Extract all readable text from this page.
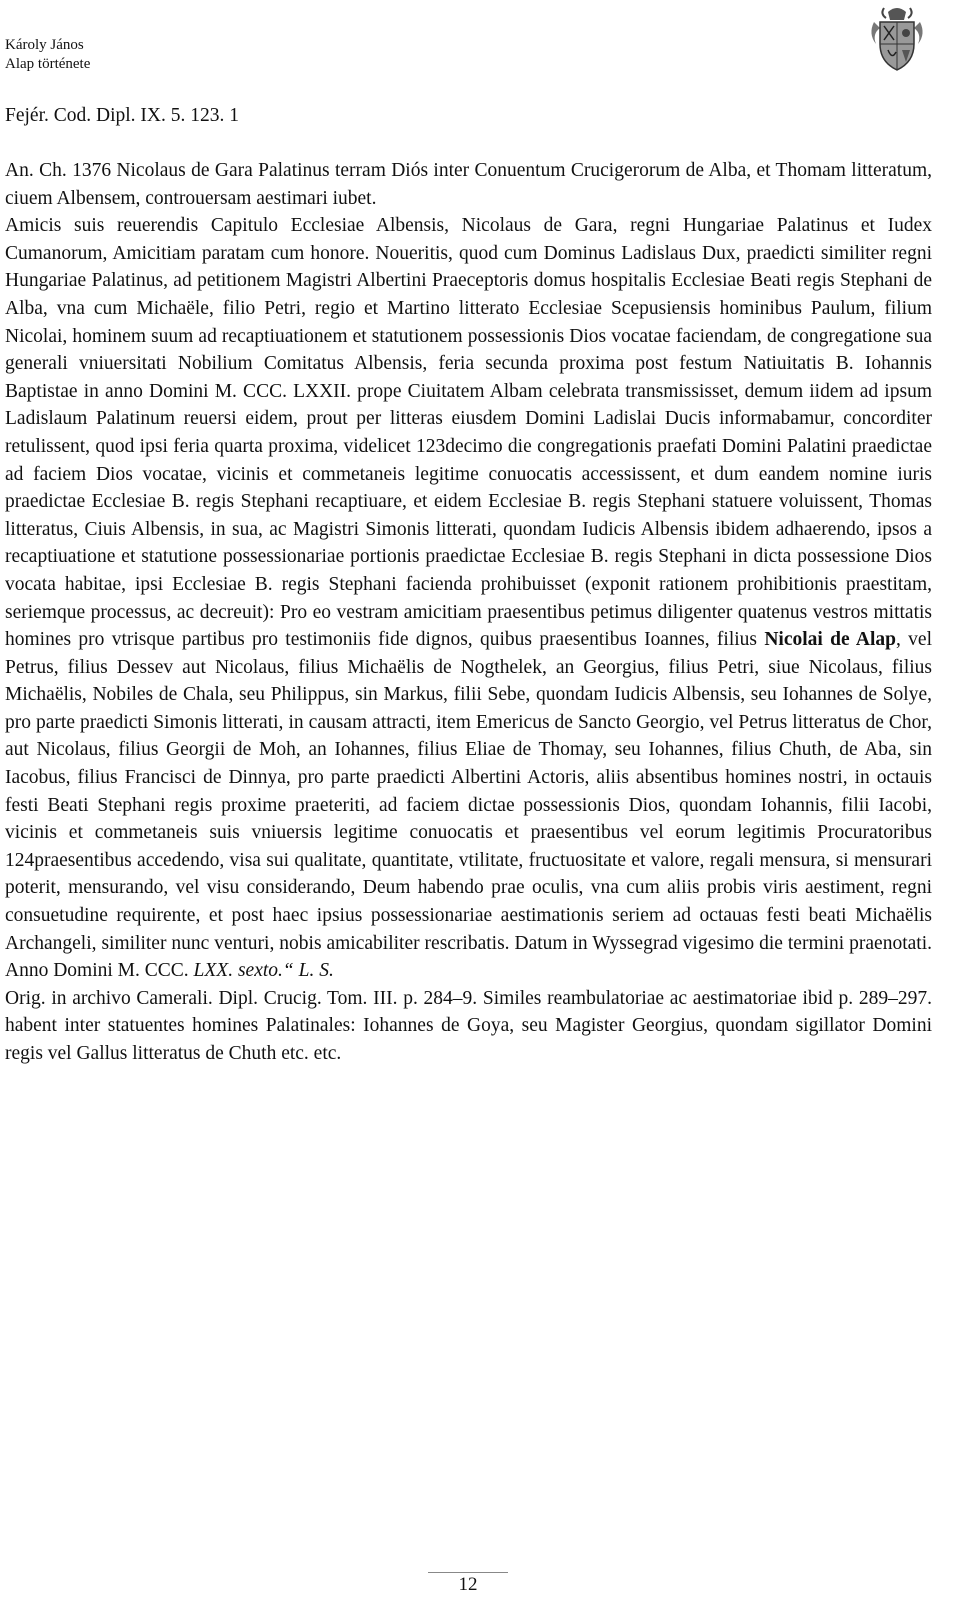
Károly János
Alap története
Fejér. Cod. Dipl. IX. 5. 123. 1

An. Ch. 1376 Nicolaus de Gara Palatinus terram Diós inter Conuentum Crucigerorum de Alba, et Thomam litteratum, ciuem Albensem, controuersam aestimari iubet.

Amicis suis reuerendis Capitulo Ecclesiae Albensis, Nicolaus de Gara, regni Hungariae Palatinus et Iudex Cumanorum, Amicitiam paratam cum honore. Noueritis, quod cum Dominus Ladislaus Dux, praedicti similiter regni Hungariae Palatinus, ad petitionem Magistri Albertini Praeceptoris domus hospitalis Ecclesiae Beati regis Stephani de Alba, vna cum Michaële, filio Petri, regio et Martino litterato Ecclesiae Scepusiensis hominibus Paulum, filium Nicolai, hominem suum ad recaptiuationem et statutionem possessionis Dios vocatae faciendam, de congregatione sua generali vniuersitati Nobilium Comitatus Albensis, feria secunda proxima post festum Natiuitatis B. Iohannis Baptistae in anno Domini M. CCC. LXXII. prope Ciuitatem Albam celebrata transmississet, demum iidem ad ipsum Ladislaum Palatinum reuersi eidem, prout per litteras eiusdem Domini Ladislai Ducis informabamur, concorditer retulissent, quod ipsi feria quarta proxima, videlicet 123decimo die congregationis praefati Domini Palatini praedictae ad faciem Dios vocatae, vicinis et commetaneis legitime conuocatis accessissent, et dum eandem nomine iuris praedictae Ecclesiae B. regis Stephani recaptiuare, et eidem Ecclesiae B. regis Stephani statuere voluissent, Thomas litteratus, Ciuis Albensis, in sua, ac Magistri Simonis litterati, quondam Iudicis Albensis ibidem adhaerendo, ipsos a recaptiuatione et statutione possessionariae portionis praedictae Ecclesiae B. regis Stephani in dicta possessione Dios vocata habitae, ipsi Ecclesiae B. regis Stephani facienda prohibuisset (exponit rationem prohibitionis praestitam, seriemque processus, ac decreuit): Pro eo vestram amicitiam praesentibus petimus diligenter quatenus vestros mittatis homines pro vtrisque partibus pro testimoniis fide dignos, quibus praesentibus Ioannes, filius Nicolai de Alap, vel Petrus, filius Dessev aut Nicolaus, filius Michaëlis de Nogthelek, an Georgius, filius Petri, siue Nicolaus, filius Michaëlis, Nobiles de Chala, seu Philippus, sin Markus, filii Sebe, quondam Iudicis Albensis, seu Iohannes de Solye, pro parte praedicti Simonis litterati, in causam attracti, item Emericus de Sancto Georgio, vel Petrus litteratus de Chor, aut Nicolaus, filius Georgii de Moh, an Iohannes, filius Eliae de Thomay, seu Iohannes, filius Chuth, de Aba, sin Iacobus, filius Francisci de Dinnya, pro parte praedicti Albertini Actoris, aliis absentibus homines nostri, in octauis festi Beati Stephani regis proxime praeteriti, ad faciem dictae possessionis Dios, quondam Iohannis, filii Iacobi, vicinis et commetaneis suis vniuersis legitime conuocatis et praesentibus vel eorum legitimis Procuratoribus 124praesentibus accedendo, visa sui qualitate, quantitate, vtilitate, fructuositate et valore, regali mensura, si mensurari poterit, mensurando, vel visu considerando, Deum habendo prae oculis, vna cum aliis probis viris aestiment, regni consuetudine requirente, et post haec ipsius possessionariae aestimationis seriem ad octauas festi beati Michaëlis Archangeli, similiter nunc venturi, nobis amicabiliter rescribatis. Datum in Wyssegrad vigesimo die termini praenotati. Anno Domini M. CCC. LXX. sexto.“ L. S.

Orig. in archivo Camerali. Dipl. Crucig. Tom. III. p. 284–9. Similes reambulatoriae ac aestimatoriae ibid p. 289–297. habent inter statuentes homines Palatinales: Iohannes de Goya, seu Magister Georgius, quondam sigillator Domini regis vel Gallus litteratus de Chuth etc. etc.

12
